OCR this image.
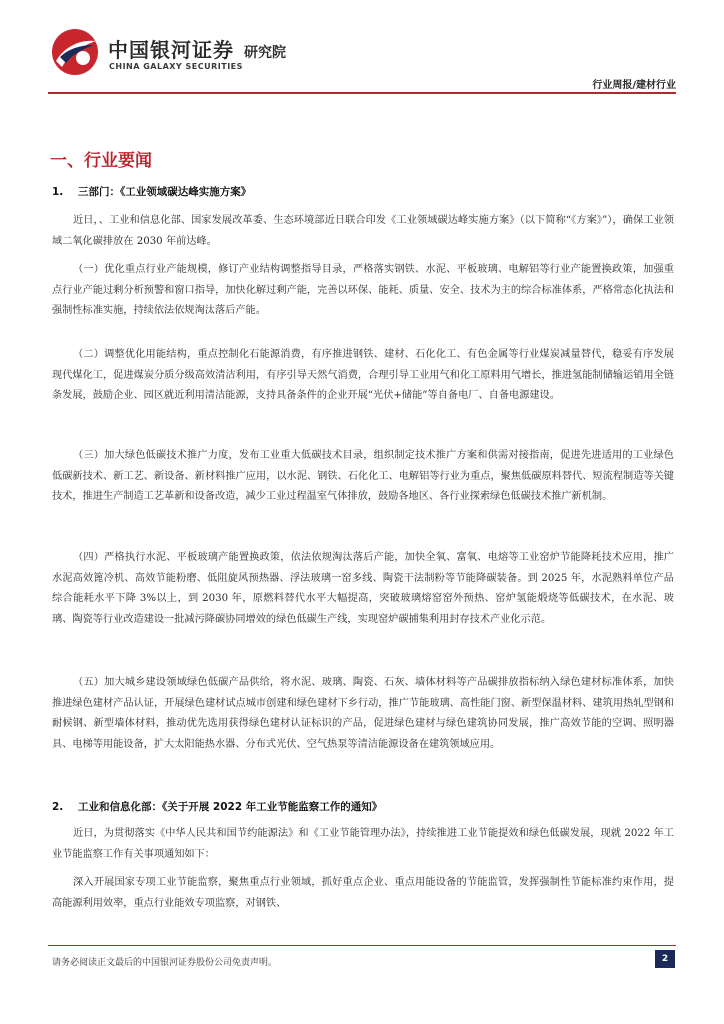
中国银河证券
CHINA GALAXY SECURITIES
研究院
行业周报/建材行业
一、行业要闻
1. 三部门：《工业领域碳达峰实施方案》

近日，、工业和信息化部、国家发展改革委、生态环境部近日联合印发《工业领域碳达峰实施方案》（以下简称“《方案》”），确保工业领域二氧化碳排放在 2030 年前达峰。

（一）优化重点行业产能规模，修订产业结构调整指导目录，严格落实钢铁、水泥、平板玻璃、电解铝等行业产能置换政策，加强重点行业产能过剩分析预警和窗口指导，加快化解过剩产能，完善以环保、能耗、质量、安全、技术为主的综合标准体系，严格常态化执法和强制性标准实施，持续依法依规淘汰落后产能。

（二）调整优化用能结构，重点控制化石能源消费，有序推进钢铁、建材、石化化工、有色金属等行业煤炭减量替代，稳妥有序发展现代煤化工，促进煤炭分质分级高效清洁利用，有序引导天然气消费，合理引导工业用气和化工原料用气增长，推进氢能制储输运销用全链条发展，鼓励企业、园区就近利用清洁能源，支持具备条件的企业开展“光伏+储能”等自备电厂、自备电源建设。

（三）加大绿色低碳技术推广力度，发布工业重大低碳技术目录，组织制定技术推广方案和供需对接指南，促进先进适用的工业绿色低碳新技术、新工艺、新设备、新材料推广应用，以水泥、钢铁、石化化工、电解铝等行业为重点，聚焦低碳原料替代、短流程制造等关键技术，推进生产制造工艺革新和设备改造，减少工业过程温室气体排放，鼓励各地区、各行业探索绿色低碳技术推广新机制。

（四）严格执行水泥、平板玻璃产能置换政策，依法依规淘汰落后产能，加快全氧、富氧、电熔等工业窑炉节能降耗技术应用，推广水泥高效篦冷机、高效节能粉磨、低阻旋风预热器、浮法玻璃一窑多线、陶瓷干法制粉等节能降碳装备。到 2025 年，水泥熟料单位产品综合能耗水平下降 3%以上，到 2030 年，原燃料替代水平大幅提高，突破玻璃熔窑窑外预热、窑炉氢能煅烧等低碳技术，在水泥、玻璃、陶瓷等行业改造建设一批减污降碳协同增效的绿色低碳生产线，实现窑炉碳捕集利用封存技术产业化示范。

（五）加大城乡建设领域绿色低碳产品供给，将水泥、玻璃、陶瓷、石灰、墙体材料等产品碳排放指标纳入绿色建材标准体系，加快推进绿色建材产品认证，开展绿色建材试点城市创建和绿色建材下乡行动，推广节能玻璃、高性能门窗、新型保温材料、建筑用热轧型钢和耐候钢、新型墙体材料，推动优先选用获得绿色建材认证标识的产品，促进绿色建材与绿色建筑协同发展，推广高效节能的空调、照明器具、电梯等用能设备，扩大太阳能热水器、分布式光伏、空气热泵等清洁能源设备在建筑领域应用。

2. 工业和信息化部：《关于开展 2022 年工业节能监察工作的通知》

近日，为贯彻落实《中华人民共和国节约能源法》和《工业节能管理办法》，持续推进工业节能提效和绿色低碳发展，现就 2022 年工业节能监察工作有关事项通知如下：

深入开展国家专项工业节能监察，聚焦重点行业领域，抓好重点企业、重点用能设备的节能监管，发挥强制性节能标准约束作用，提高能源利用效率，重点行业能效专项监察，对钢铁、

请务必阅读正文最后的中国银河证券股份公司免责声明。	2
